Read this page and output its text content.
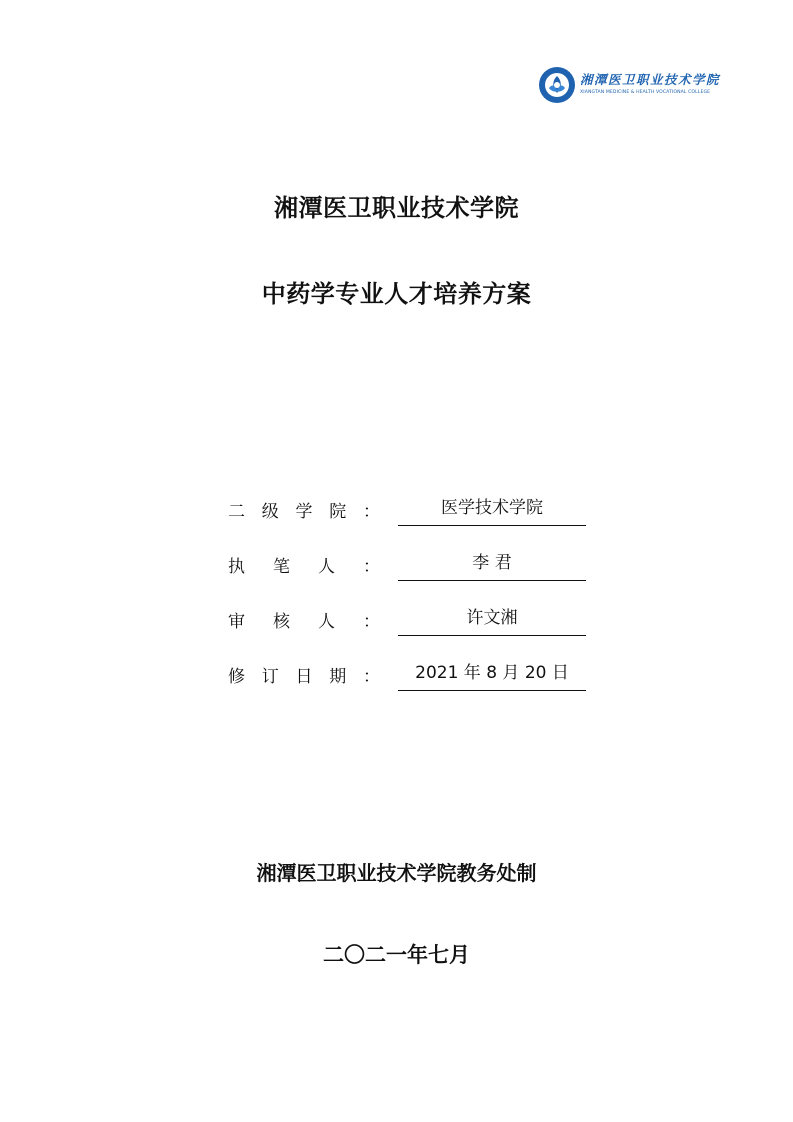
湘潭医卫职业技术学院
XIANGTAN MEDICINE & HEALTH VOCATIONAL COLLEGE
湘潭医卫职业技术学院
中药学专业人才培养方案
二 级 学 院 ：	医学技术学院
执 笔 人 ：	李 君
审 核 人 ：	许文湘
修 订 日 期 ：	2021 年 8 月 20 日
湘潭医卫职业技术学院教务处制
二〇二一年七月
